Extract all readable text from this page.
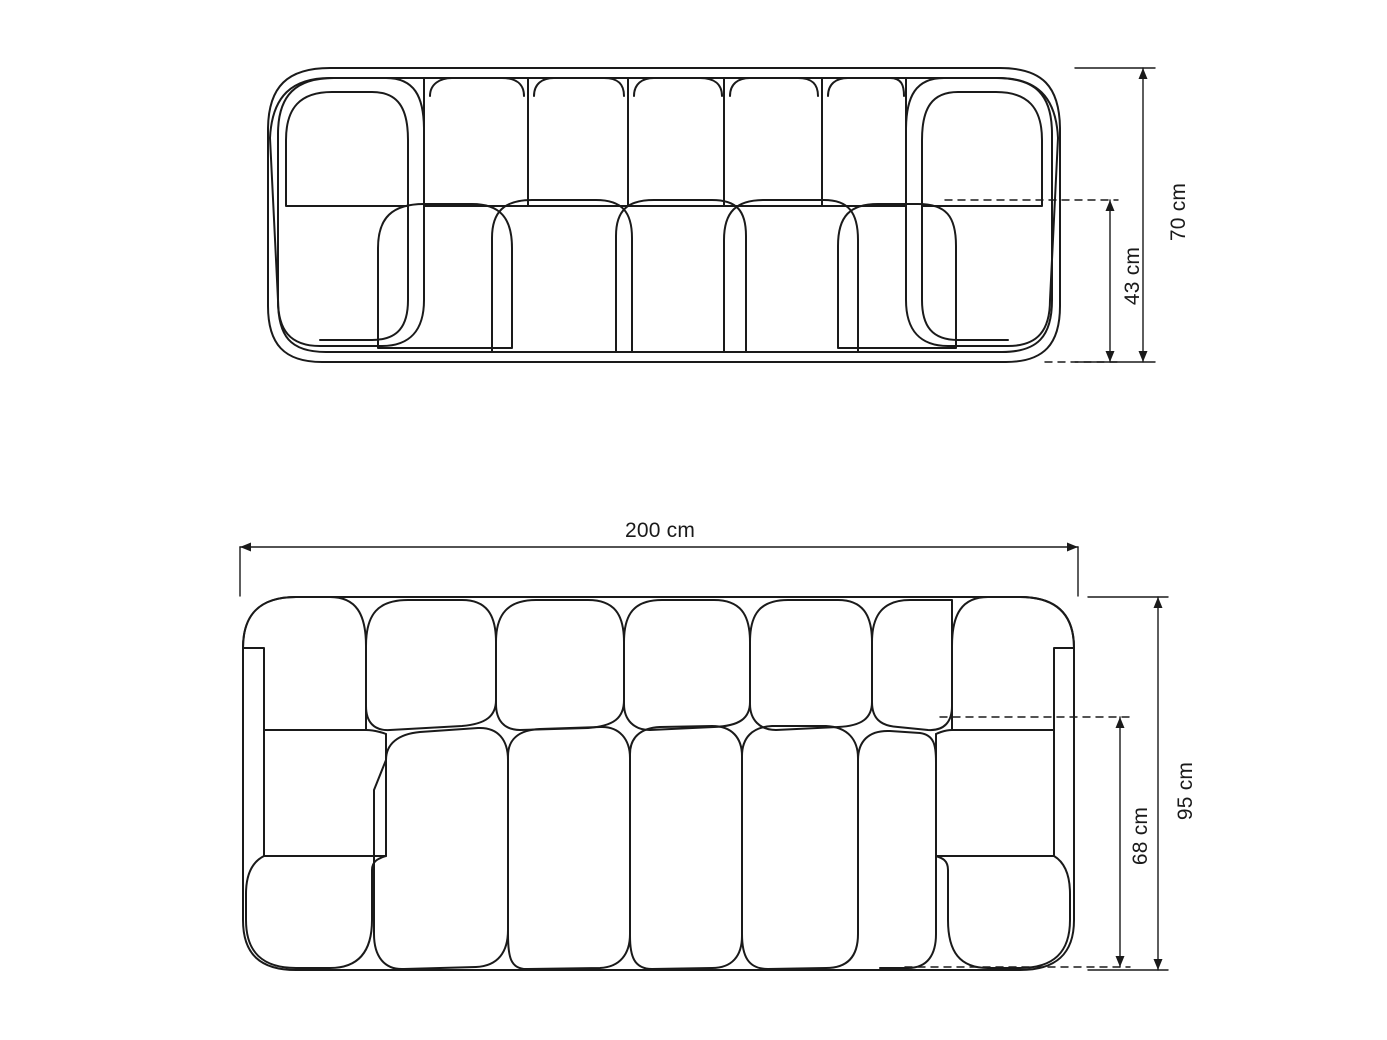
70 cm
43 cm
200 cm
95 cm
68 cm
